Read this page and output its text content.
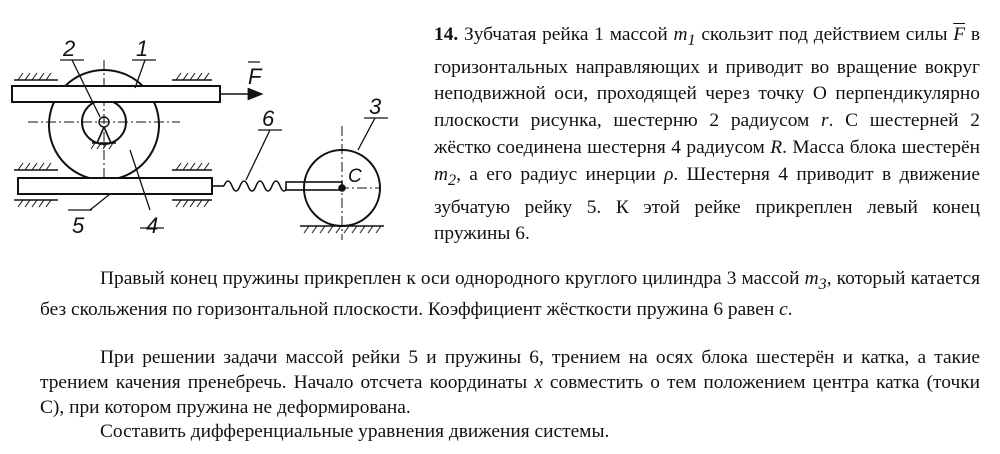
2	1
6	3
5	4
F
C
14. Зубчатая рейка 1 массой $m_1$ скользит под действием силы $\overline{F}$ в горизонтальных направляющих и приводит во вращение вокруг неподвижной оси, проходящей через точку О перпендикулярно плоскости рисунка, шестерню 2 радиусом r. С шестерней 2 жёстко соединена шестерня 4 радиусом R. Масса блока шестерён $m_2$, а его радиус инерции ρ. Шестерня 4 приводит в движение зубчатую рейку 5. К этой рейке прикреплен левый конец пружины 6.
Правый конец пружины прикреплен к оси однородного круглого цилиндра 3 массой $m_3$, который катается без скольжения по горизонтальной плоскости. Коэффициент жёсткости пружина 6 равен c.
При решении задачи массой рейки 5 и пружины 6, трением на осях блока шестерён и катка, а такие трением качения пренебречь. Начало отсчета координаты x совместить о тем положением центра катка (точки С), при котором пружина не деформирована.
Составить дифференциальные уравнения движения системы.
